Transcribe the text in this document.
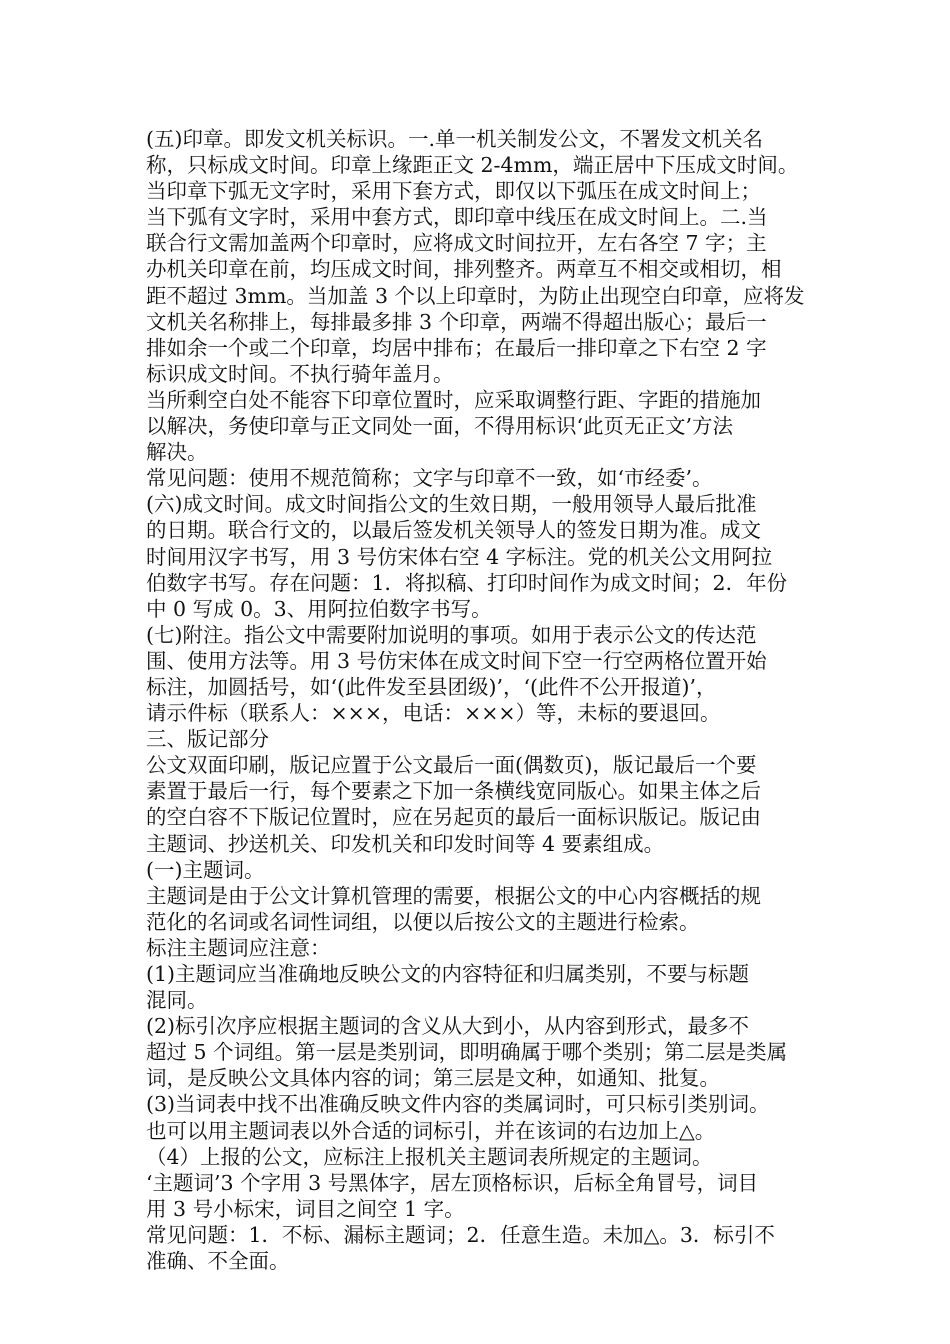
(五)印章。即发文机关标识。一.单一机关制发公文，不署发文机关名
称，只标成文时间。印章上缘距正文 2-4mm，端正居中下压成文时间。
当印章下弧无文字时，采用下套方式，即仅以下弧压在成文时间上；
当下弧有文字时，采用中套方式，即印章中线压在成文时间上。二.当
联合行文需加盖两个印章时，应将成文时间拉开，左右各空 7 字；主
办机关印章在前，均压成文时间，排列整齐。两章互不相交或相切，相
距不超过 3mm。当加盖 3 个以上印章时，为防止出现空白印章，应将发
文机关名称排上，每排最多排 3 个印章，两端不得超出版心；最后一
排如余一个或二个印章，均居中排布；在最后一排印章之下右空 2 字
标识成文时间。不执行骑年盖月。
当所剩空白处不能容下印章位置时，应采取调整行距、字距的措施加
以解决，务使印章与正文同处一面，不得用标识‘此页无正文’方法
解决。
常见问题：使用不规范简称；文字与印章不一致，如‘市经委’。
(六)成文时间。成文时间指公文的生效日期，一般用领导人最后批准
的日期。联合行文的，以最后签发机关领导人的签发日期为准。成文
时间用汉字书写，用 3 号仿宋体右空 4 字标注。党的机关公文用阿拉
伯数字书写。存在问题：1．将拟稿、打印时间作为成文时间；2．年份
中 0 写成 0。3、用阿拉伯数字书写。
(七)附注。指公文中需要附加说明的事项。如用于表示公文的传达范
围、使用方法等。用 3 号仿宋体在成文时间下空一行空两格位置开始
标注，加圆括号，如‘(此件发至县团级)’，‘(此件不公开报道)’，
请示件标（联系人：×××，电话：×××）等，未标的要退回。
三、版记部分
公文双面印刷，版记应置于公文最后一面(偶数页)，版记最后一个要
素置于最后一行，每个要素之下加一条横线宽同版心。如果主体之后
的空白容不下版记位置时，应在另起页的最后一面标识版记。版记由
主题词、抄送机关、印发机关和印发时间等 4 要素组成。
(一)主题词。
主题词是由于公文计算机管理的需要，根据公文的中心内容概括的规
范化的名词或名词性词组，以便以后按公文的主题进行检索。
标注主题词应注意：
(1)主题词应当准确地反映公文的内容特征和归属类别，不要与标题
混同。
(2)标引次序应根据主题词的含义从大到小，从内容到形式，最多不
超过 5 个词组。第一层是类别词，即明确属于哪个类别；第二层是类属
词，是反映公文具体内容的词；第三层是文种，如通知、批复。
(3)当词表中找不出准确反映文件内容的类属词时，可只标引类别词。
也可以用主题词表以外合适的词标引，并在该词的右边加上△。
（4）上报的公文，应标注上报机关主题词表所规定的主题词。
‘主题词’3 个字用 3 号黑体字，居左顶格标识，后标全角冒号，词目
用 3 号小标宋，词目之间空 1 字。
常见问题：1．不标、漏标主题词；2．任意生造。未加△。3．标引不
准确、不全面。
